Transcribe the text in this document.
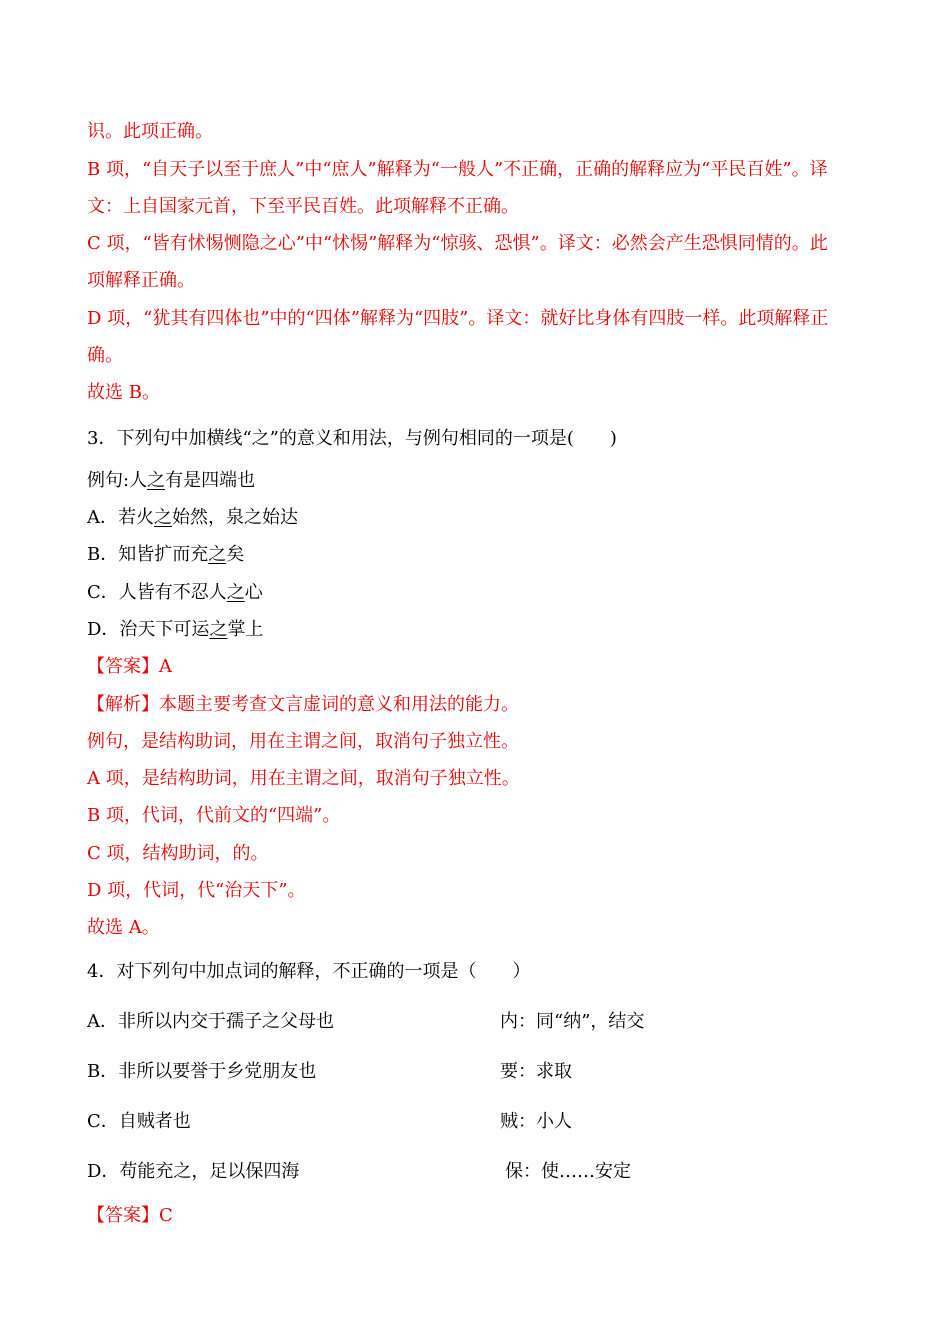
识。此项正确。
B 项，“自天子以至于庶人”中“庶人”解释为“一般人”不正确，正确的解释应为“平民百姓”。译
文：上自国家元首，下至平民百姓。此项解释不正确。
C 项，“皆有怵惕恻隐之心”中“怵惕”解释为“惊骇、恐惧”。译文：必然会产生恐惧同情的。此
项解释正确。
D 项，“犹其有四体也”中的“四体”解释为“四肢”。译文：就好比身体有四肢一样。此项解释正
确。
故选 B。
3．下列句中加横线“之”的意义和用法，与例句相同的一项是(　　)
例句:人之有是四端也
A．若火之始然，泉之始达
B．知皆扩而充之矣
C．人皆有不忍人之心
D．治天下可运之掌上
【答案】A
【解析】本题主要考查文言虚词的意义和用法的能力。
例句，是结构助词，用在主谓之间，取消句子独立性。
A 项，是结构助词，用在主谓之间，取消句子独立性。
B 项，代词，代前文的“四端”。
C 项，结构助词，的。
D 项，代词，代“治天下”。
故选 A。
4．对下列句中加点词的解释，不正确的一项是（　　）
A．非所以内交于孺子之父母也	内：同“纳”，结交
B．非所以要誉于乡党朋友也	要：求取
C．自贼者也	贼：小人
D．苟能充之，足以保四海	保：使……安定
【答案】C
